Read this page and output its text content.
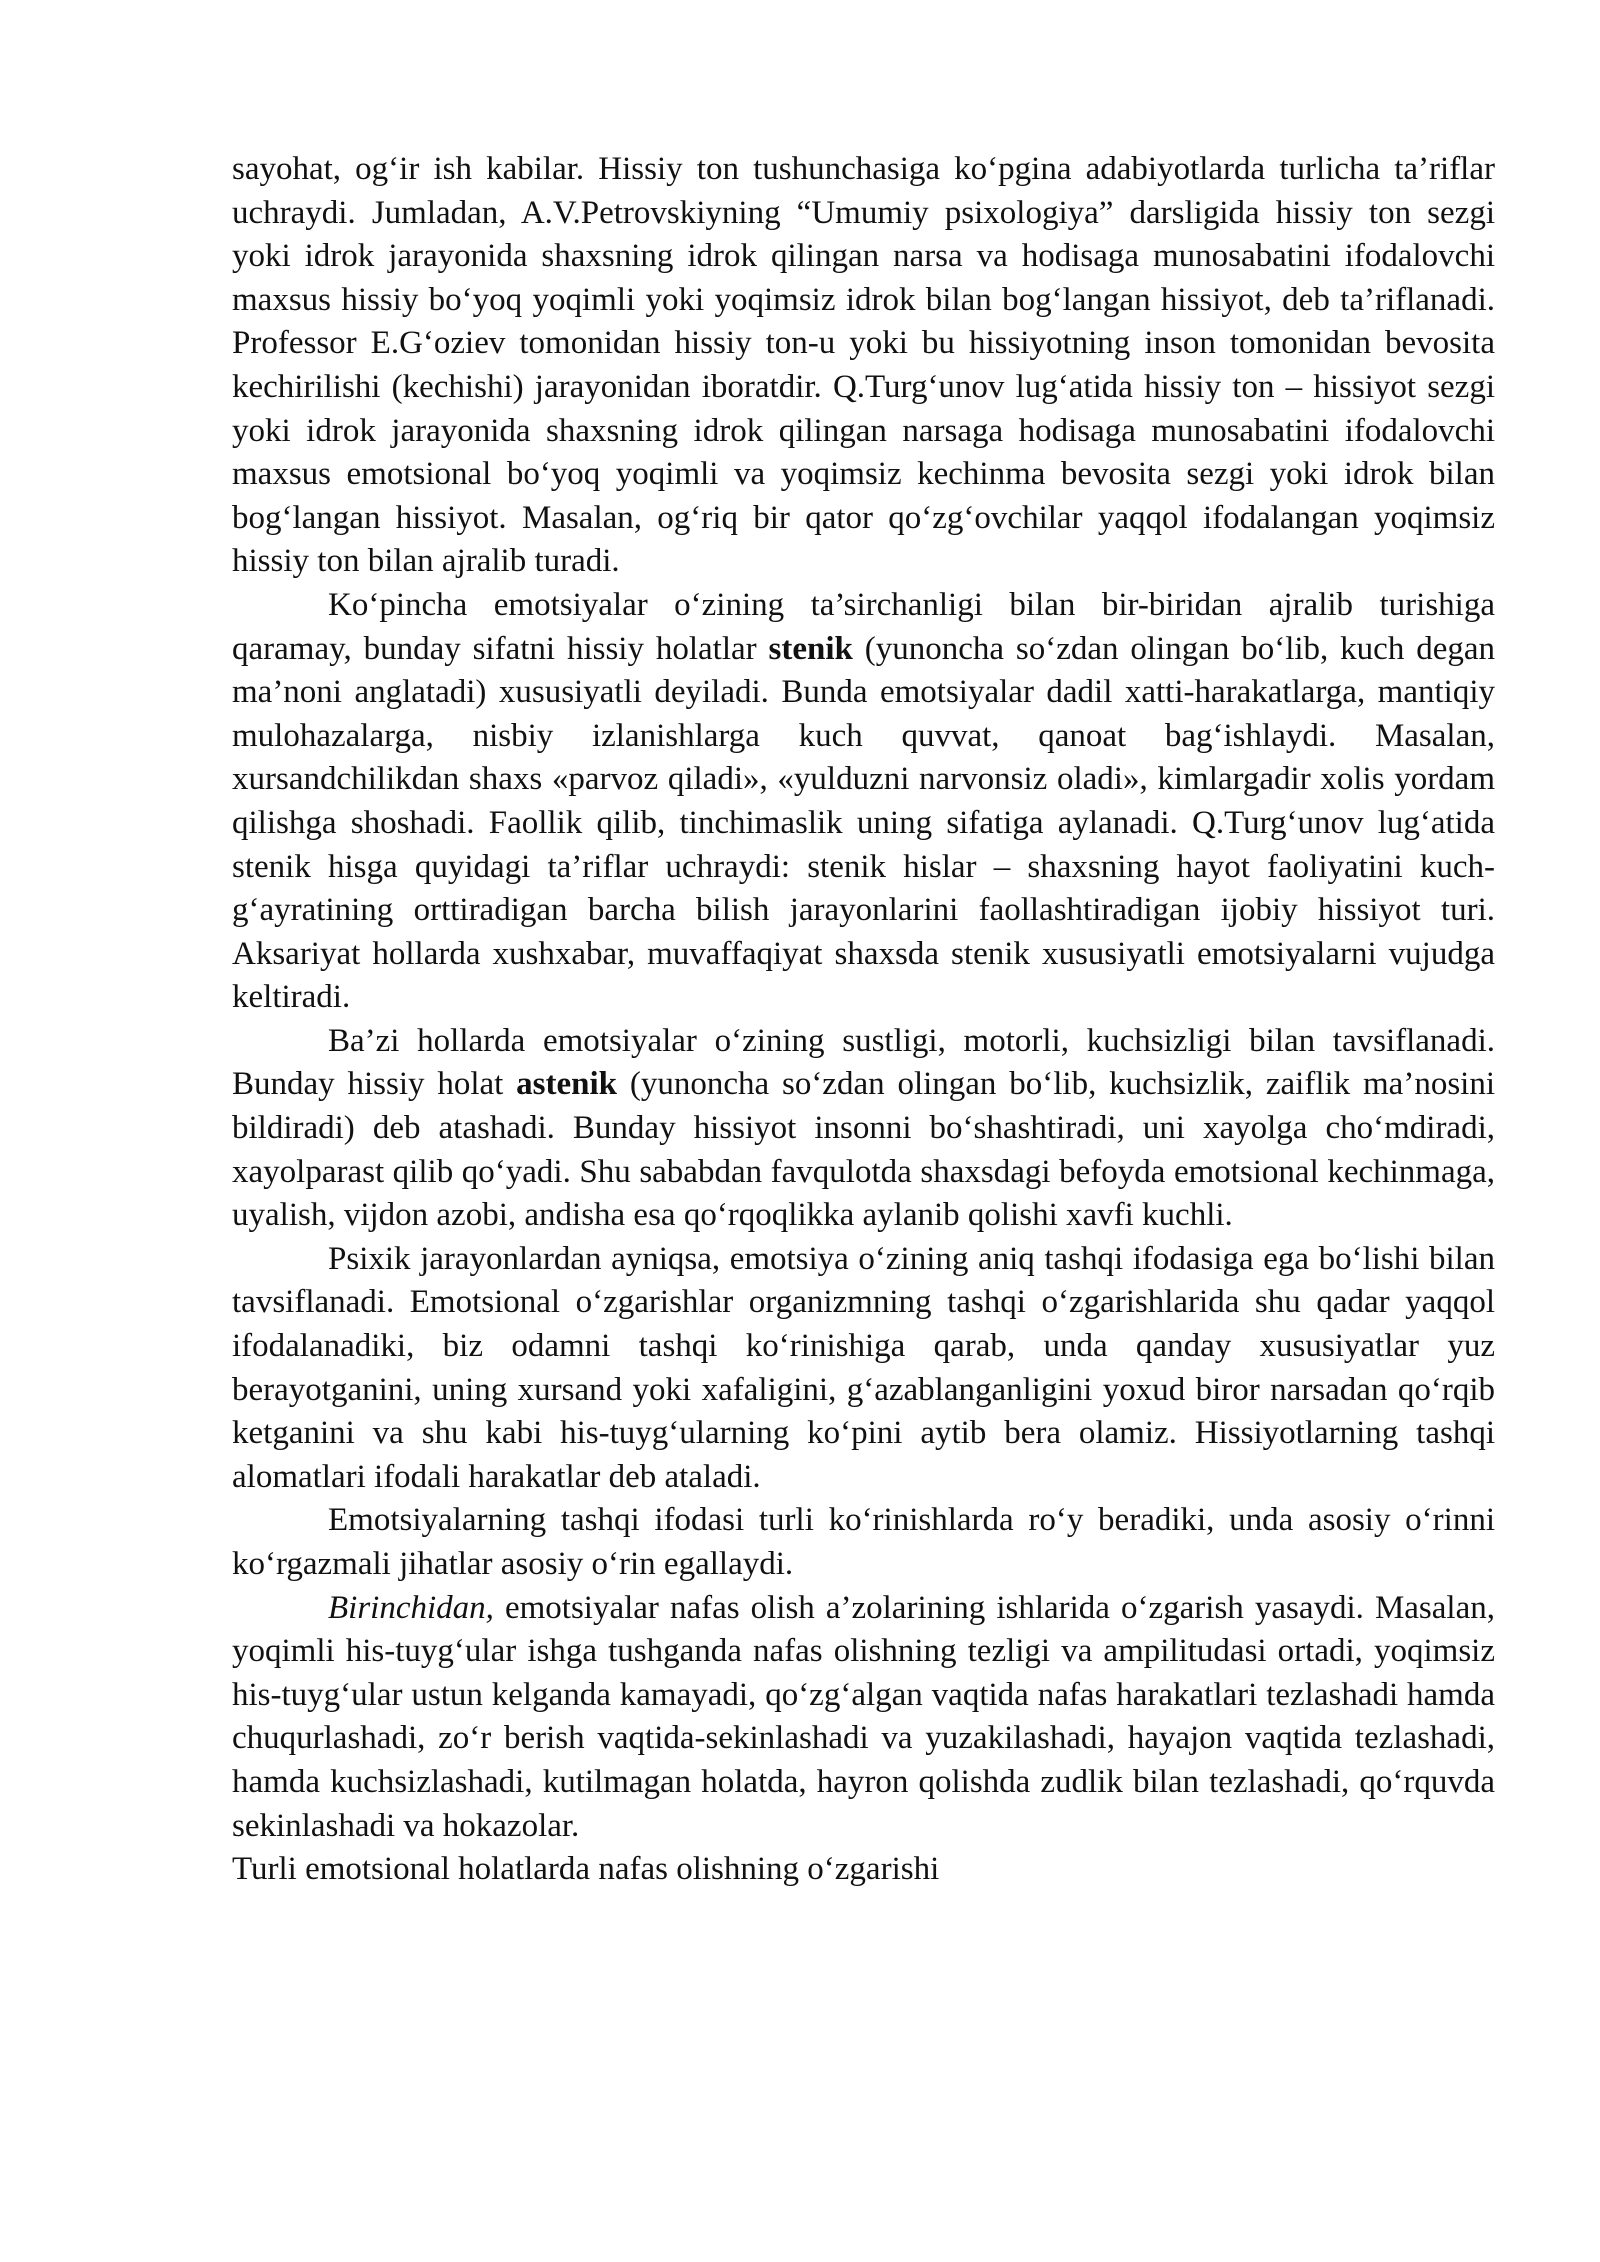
sayohat, og‘ir ish kabilar. Hissiy ton tushunchasiga ko‘pgina adabiyotlarda turlicha ta’riflar uchraydi. Jumladan, A.V.Petrovskiyning “Umumiy psixologiya” darsligida hissiy ton sezgi yoki idrok jarayonida shaxsning idrok qilingan narsa va hodisaga munosabatini ifodalovchi maxsus hissiy bo‘yoq yoqimli yoki yoqimsiz idrok bilan bog‘langan hissiyot, deb ta’riflanadi. Professor E.G‘oziev tomonidan hissiy ton-u yoki bu hissiyotning inson tomonidan bevosita kechirilishi (kechishi) jarayonidan iboratdir. Q.Turg‘unov lug‘atida hissiy ton – hissiyot sezgi yoki idrok jarayonida shaxsning idrok qilingan narsaga hodisaga munosabatini ifodalovchi maxsus emotsional bo‘yoq yoqimli va yoqimsiz kechinma bevosita sezgi yoki idrok bilan bog‘langan hissiyot. Masalan, og‘riq bir qator qo‘zg‘ovchilar yaqqol ifodalangan yoqimsiz hissiy ton bilan ajralib turadi.

Ko‘pincha emotsiyalar o‘zining ta’sirchanligi bilan bir-biridan ajralib turishiga qaramay, bunday sifatni hissiy holatlar stenik (yunoncha so‘zdan olingan bo‘lib, kuch degan ma’noni anglatadi) xususiyatli deyiladi. Bunda emotsiyalar dadil xatti-harakatlarga, mantiqiy mulohazalarga, nisbiy izlanishlarga kuch quvvat, qanoat bag‘ishlaydi. Masalan, xursandchilikdan shaxs «parvoz qiladi», «yulduzni narvonsiz oladi», kimlargadir xolis yordam qilishga shoshadi. Faollik qilib, tinchimaslik uning sifatiga aylanadi. Q.Turg‘unov lug‘atida stenik hisga quyidagi ta’riflar uchraydi: stenik hislar – shaxsning hayot faoliyatini kuch-g‘ayratining orttiradigan barcha bilish jarayonlarini faollashtiradigan ijobiy hissiyot turi. Aksariyat hollarda xushxabar, muvaffaqiyat shaxsda stenik xususiyatli emotsiyalarni vujudga keltiradi.

Ba’zi hollarda emotsiyalar o‘zining sustligi, motorli, kuchsizligi bilan tavsiflanadi. Bunday hissiy holat astenik (yunoncha so‘zdan olingan bo‘lib, kuchsizlik, zaiflik ma’nosini bildiradi) deb atashadi. Bunday hissiyot insonni bo‘shashtiradi, uni xayolga cho‘mdiradi, xayolparast qilib qo‘yadi. Shu sababdan favqulotda shaxsdagi befoyda emotsional kechinmaga, uyalish, vijdon azobi, andisha esa qo‘rqoqlikka aylanib qolishi xavfi kuchli.

Psixik jarayonlardan ayniqsa, emotsiya o‘zining aniq tashqi ifodasiga ega bo‘lishi bilan tavsiflanadi. Emotsional o‘zgarishlar organizmning tashqi o‘zgarishlarida shu qadar yaqqol ifodalanadiki, biz odamni tashqi ko‘rinishiga qarab, unda qanday xususiyatlar yuz berayotganini, uning xursand yoki xafaligini, g‘azablanganligini yoxud biror narsadan qo‘rqib ketganini va shu kabi his-tuyg‘ularning ko‘pini aytib bera olamiz. Hissiyotlarning tashqi alomatlari ifodali harakatlar deb ataladi.

Emotsiyalarning tashqi ifodasi turli ko‘rinishlarda ro‘y beradiki, unda asosiy o‘rinni ko‘rgazmali jihatlar asosiy o‘rin egallaydi.

Birinchidan, emotsiyalar nafas olish a’zolarining ishlarida o‘zgarish yasaydi. Masalan, yoqimli his-tuyg‘ular ishga tushganda nafas olishning tezligi va ampilitudasi ortadi, yoqimsiz his-tuyg‘ular ustun kelganda kamayadi, qo‘zg‘algan vaqtida nafas harakatlari tezlashadi hamda chuqurlashadi, zo‘r berish vaqtida-sekinlashadi va yuzakilashadi, hayajon vaqtida tezlashadi, hamda kuchsizlashadi, kutilmagan holatda, hayron qolishda zudlik bilan tezlashadi, qo‘rquvda sekinlashadi va hokazolar.

Turli emotsional holatlarda nafas olishning o‘zgarishi
